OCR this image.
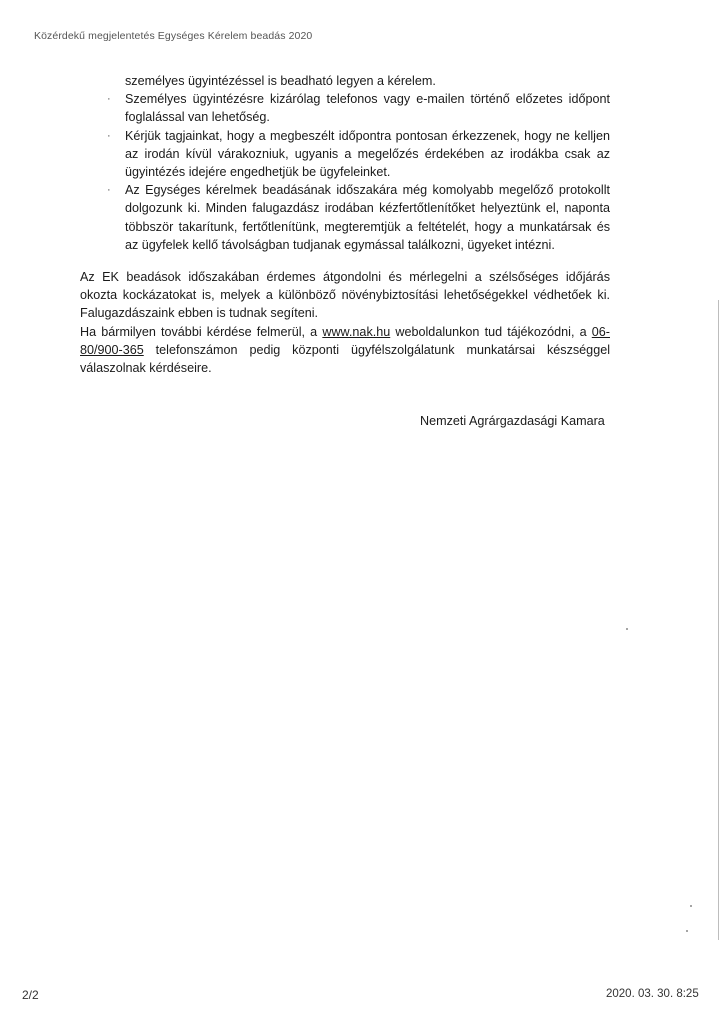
Közérdekű megjelentetés Egységes Kérelem beadás 2020
személyes ügyintézéssel is beadható legyen a kérelem.
· Személyes ügyintézésre kizárólag telefonos vagy e-mailen történő előzetes időpont foglalással van lehetőség.
· Kérjük tagjainkat, hogy a megbeszélt időpontra pontosan érkezzenek, hogy ne kelljen az irodán kívül várakozniuk, ugyanis a megelőzés érdekében az irodákba csak az ügyintézés idejére engedhetjük be ügyfeleinket.
· Az Egységes kérelmek beadásának időszakára még komolyabb megelőző protokollt dolgozunk ki. Minden falugazdász irodában kézfertőtlenítőket helyeztünk el, naponta többször takarítunk, fertőtlenítünk, megteremtjük a feltételét, hogy a munkatársak és az ügyfelek kellő távolságban tudjanak egymással találkozni, ügyeket intézni.

Az EK beadások időszakában érdemes átgondolni és mérlegelni a szélsőséges időjárás okozta kockázatokat is, melyek a különböző növénybiztosítási lehetőségekkel védhetőek ki. Falugazdászaink ebben is tudnak segíteni.

Ha bármilyen további kérdése felmerül, a www.nak.hu weboldalunkon tud tájékozódni, a 06-80/900-365 telefonszámon pedig központi ügyfélszolgálatunk munkatársai készséggel válaszolnak kérdéseire.

Nemzeti Agrárgazdasági Kamara
2/2	2020. 03. 30. 8:25
